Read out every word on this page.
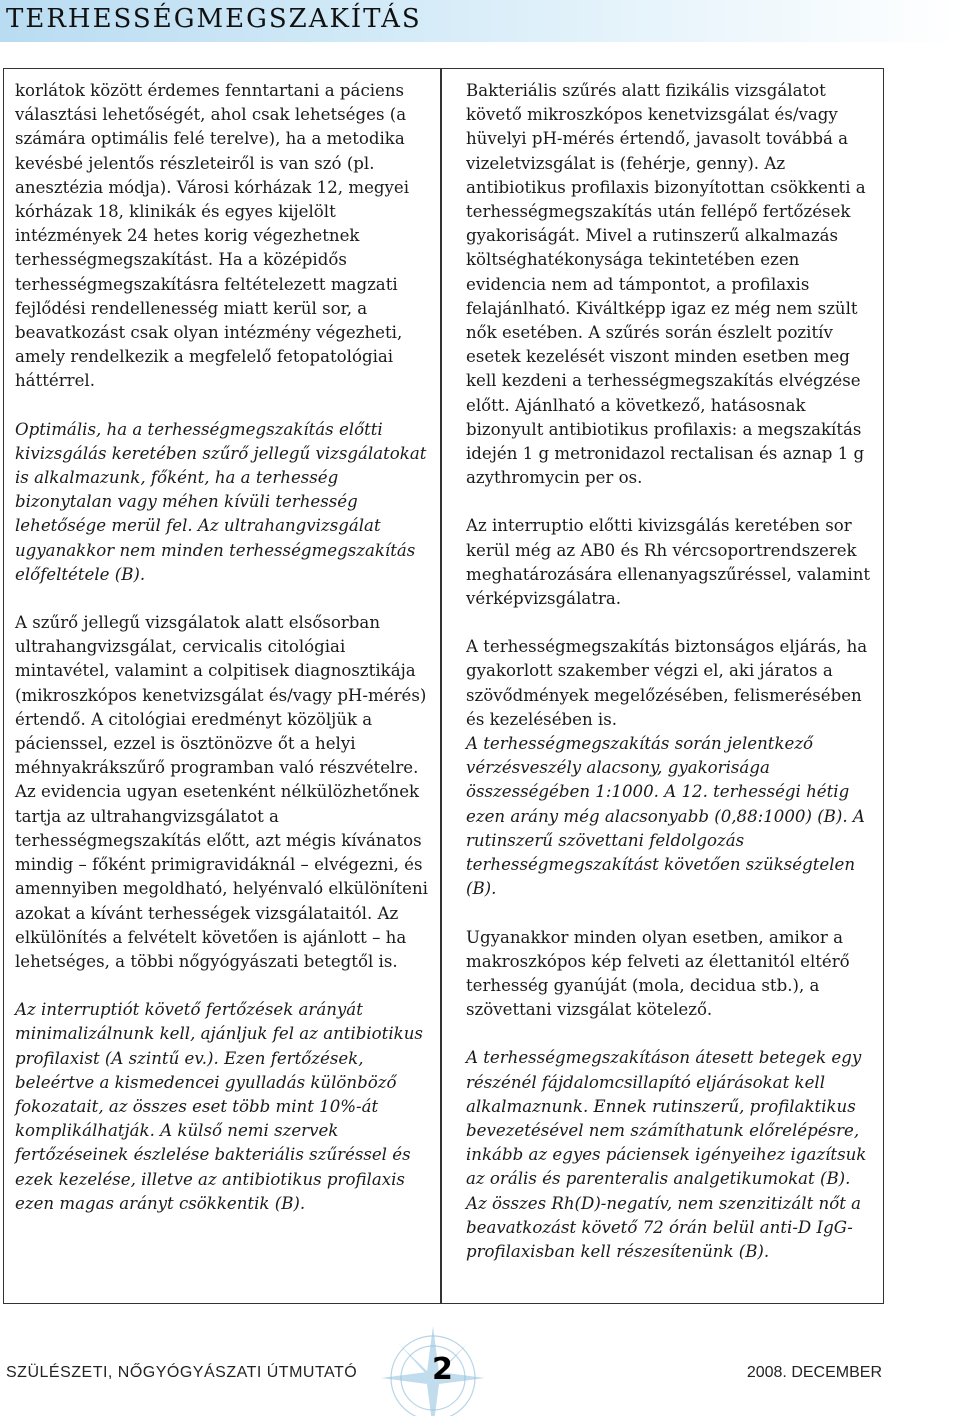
TERHESSÉGMEGSZAKÍTÁS

korlátok között érdemes fenntartani a páciens választási lehetőségét, ahol csak lehetséges (a számára optimális felé terelve), ha a metodika kevésbé jelentős részleteiről is van szó (pl. anesztézia módja). Városi kórházak 12, megyei kórházak 18, klinikák és egyes kijelölt intézmények 24 hetes korig végezhetnek terhességmegszakítást. Ha a középidős terhességmegszakításra feltételezett magzati fejlődési rendellenesség miatt kerül sor, a beavatkozást csak olyan intézmény végezheti, amely rendelkezik a megfelelő fetopatológiai háttérrel.

Optimális, ha a terhességmegszakítás előtti kivizsgálás keretében szűrő jellegű vizsgálatokat is alkalmazunk, főként, ha a terhesség bizonytalan vagy méhen kívüli terhesség lehetősége merül fel. Az ultrahangvizsgálat ugyanakkor nem minden terhességmegszakítás előfeltétele (B).

A szűrő jellegű vizsgálatok alatt elsősorban ultrahangvizsgálat, cervicalis citológiai mintavétel, valamint a colpitisek diagnosztikája (mikroszkópos kenetvizsgálat és/vagy pH-mérés) értendő. A citológiai eredményt közöljük a pácienssel, ezzel is ösztönözve őt a helyi méhnyakrákszűrő programban való részvételre. Az evidencia ugyan esetenként nélkülözhetőnek tartja az ultrahangvizsgálatot a terhességmegszakítás előtt, azt mégis kívánatos mindig – főként primigravidáknál – elvégezni, és amennyiben megoldható, helyénvaló elkülöníteni azokat a kívánt terhességek vizsgálataitól. Az elkülönítés a felvételt követően is ajánlott – ha lehetséges, a többi nőgyógyászati betegtől is.

Az interruptiót követő fertőzések arányát minimalizálnunk kell, ajánljuk fel az antibiotikus profilaxist (A szintű ev.). Ezen fertőzések, beleértve a kismedencei gyulladás különböző fokozatait, az összes eset több mint 10%-át komplikálhatják. A külső nemi szervek fertőzéseinek észlelése bakteriális szűréssel és ezek kezelése, illetve az antibiotikus profilaxis ezen magas arányt csökkentik (B).

Bakteriális szűrés alatt fizikális vizsgálatot követő mikroszkópos kenetvizsgálat és/vagy hüvelyi pH-mérés értendő, javasolt továbbá a vizeletvizsgálat is (fehérje, genny). Az antibiotikus profilaxis bizonyítottan csökkenti a terhességmegszakítás után fellépő fertőzések gyakoriságát. Mivel a rutinszerű alkalmazás költséghatékonysága tekintetében ezen evidencia nem ad támpontot, a profilaxis felajánlható. Kiváltképp igaz ez még nem szült nők esetében. A szűrés során észlelt pozitív esetek kezelését viszont minden esetben meg kell kezdeni a terhességmegszakítás elvégzése előtt. Ajánlható a következő, hatásosnak bizonyult antibiotikus profilaxis: a megszakítás idején 1 g metronidazol rectalisan és aznap 1 g azythromycin per os.

Az interruptio előtti kivizsgálás keretében sor kerül még az AB0 és Rh vércsoportrendszerek meghatározására ellenanyagszűréssel, valamint vérképvizsgálatra.

A terhességmegszakítás biztonságos eljárás, ha gyakorlott szakember végzi el, aki járatos a szövődmények megelőzésében, felismerésében és kezelésében is.

A terhességmegszakítás során jelentkező vérzésveszély alacsony, gyakorisága összességében 1:1000. A 12. terhességi hétig ezen arány még alacsonyabb (0,88:1000) (B). A rutinszerű szövettani feldolgozás terhességmegszakítást követően szükségtelen (B).

Ugyanakkor minden olyan esetben, amikor a makroszkópos kép felveti az élettanitól eltérő terhesség gyanúját (mola, decidua stb.), a szövettani vizsgálat kötelező.

A terhességmegszakításon átesett betegek egy részénél fájdalomcsillapító eljárásokat kell alkalmaznunk. Ennek rutinszerű, profilaktikus bevezetésével nem számíthatunk előrelépésre, inkább az egyes páciensek igényeihez igazítsuk az orális és parenteralis analgetikumokat (B).

Az összes Rh(D)-negatív, nem szenzitizált nőt a beavatkozást követő 72 órán belül anti-D IgG-profilaxisban kell részesítenünk (B).

SZÜLÉSZETI, NŐGYÓGYÁSZATI ÚTMUTATÓ 2	2008. DECEMBER
